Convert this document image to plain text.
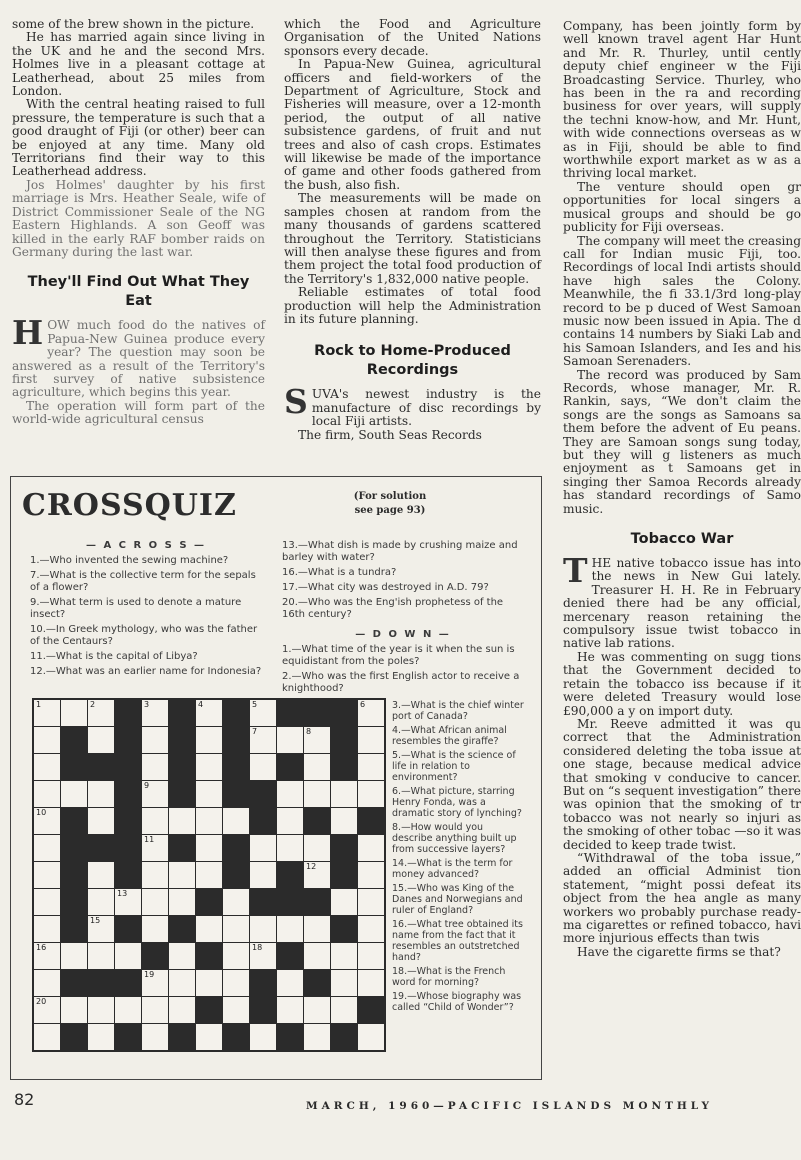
some of the brew shown in the picture.

He has married again since living in the UK and he and the second Mrs. Holmes live in a pleasant cottage at Leatherhead, about 25 miles from London.

With the central heating raised to full pressure, the temperature is such that a good draught of Fiji (or other) beer can be enjoyed at any time. Many old Territorians find their way to this Leatherhead address.

Jos Holmes' daughter by his first marriage is Mrs. Heather Seale, wife of District Commissioner Seale of the NG Eastern Highlands. A son Geoff was killed in the early RAF bomber raids on Germany during the last war.

They'll Find Out What They Eat

HOW much food do the natives of Papua-New Guinea produce every year? The question may soon be answered as a result of the Territory's first survey of native subsistence agriculture, which begins this year.

The operation will form part of the world-wide agricultural census

which the Food and Agriculture Organisation of the United Nations sponsors every decade.

In Papua-New Guinea, agricultural officers and field-workers of the Department of Agriculture, Stock and Fisheries will measure, over a 12-month period, the output of all native subsistence gardens, of fruit and nut trees and also of cash crops. Estimates will likewise be made of the importance of game and other foods gathered from the bush, also fish.

The measurements will be made on samples chosen at random from the many thousands of gardens scattered throughout the Territory. Statisticians will then analyse these figures and from them project the total food production of the Territory's 1,832,000 native people.

Reliable estimates of total food production will help the Administration in its future planning.

Rock to Home-Produced Recordings

SUVA's newest industry is the manufacture of disc recordings by local Fiji artists.

The firm, South Seas Records

Company, has been jointly form by well known travel agent Har Hunt and Mr. R. Thurley, until cently deputy chief engineer w the Fiji Broadcasting Service. Thurley, who has been in the ra and recording business for over years, will supply the techni know-how, and Mr. Hunt, with wide connections overseas as w as in Fiji, should be able to find worthwhile export market as w as a thriving local market.

The venture should open gr opportunities for local singers a musical groups and should be go publicity for Fiji overseas.

The company will meet the creasing call for Indian music Fiji, too. Recordings of local Indi artists should have high sales the Colony. Meanwhile, the fi 33.1/3rd long-play record to be p duced of West Samoan music now been issued in Apia. The d contains 14 numbers by Siaki Lab and his Samoan Islanders, and Ies and his Samoan Serenaders.

The record was produced by Sam Records, whose manager, Mr. R. Rankin, says, “We don't claim the songs are the songs as Samoans sa them before the advent of Eu peans. They are Samoan songs sung today, but they will g listeners as much enjoyment as t Samoans get in singing ther Samoa Records already has standard recordings of Samo music.

Tobacco War

THE native tobacco issue has into the news in New Gui lately. Treasurer H. H. Re in February denied there had be any official, mercenary reason retaining the compulsory issue twist tobacco in native lab rations.

He was commenting on sugg tions that the Government decided to retain the tobacco iss because if it were deleted Treasury would lose £90,000 a y on import duty.

Mr. Reeve admitted it was qu correct that the Administration considered deleting the toba issue at one stage, because medical advice that smoking v conducive to cancer. But on “s sequent investigation” there was opinion that the smoking of tr tobacco was not nearly so injuri as the smoking of other tobac —so it was decided to keep trade twist.

“Withdrawal of the toba issue,” added an official Administ tion statement, “might possi defeat its object from the hea angle as many workers wo probably purchase ready-ma cigarettes or refined tobacco, havi more injurious effects than twis

Have the cigarette firms se that?

CROSSQUIZ	(For solution
see page 93)

— A C R O S S —

1.—Who invented the sewing machine?

7.—What is the collective term for the sepals of a flower?

9.—What term is used to denote a mature insect?

10.—In Greek mythology, who was the father of the Centaurs?

11.—What is the capital of Libya?

12.—What was an earlier name for Indonesia?

13.—What dish is made by crushing maize and barley with water?

16.—What is a tundra?

17.—What city was destroyed in A.D. 79?

20.—Who was the Eng'ish prophetess of the 16th century?

— D O W N —

1.—What time of the year is it when the sun is equidistant from the poles?

2.—Who was the first English actor to receive a knighthood?

3.—What is the chief winter port of Canada?

4.—What African animal resembles the giraffe?

5.—What is the science of life in relation to environment?

6.—What picture, starring Henry Fonda, was a dramatic story of lynching?

8.—How would you describe anything built up from successive layers?

14.—What is the term for money advanced?

15.—Who was King of the Danes and Norwegians and ruler of England?

16.—What tree obtained its name from the fact that it resembles an outstretched hand?

18.—What is the French word for morning?

19.—Whose biography was called “Child of Wonder”?

1	2	3	4	5	6
7	8
9
10
11
12
13
15
16	18
19
20
82	MARCH, 1960—PACIFIC ISLANDS MONTHLY
